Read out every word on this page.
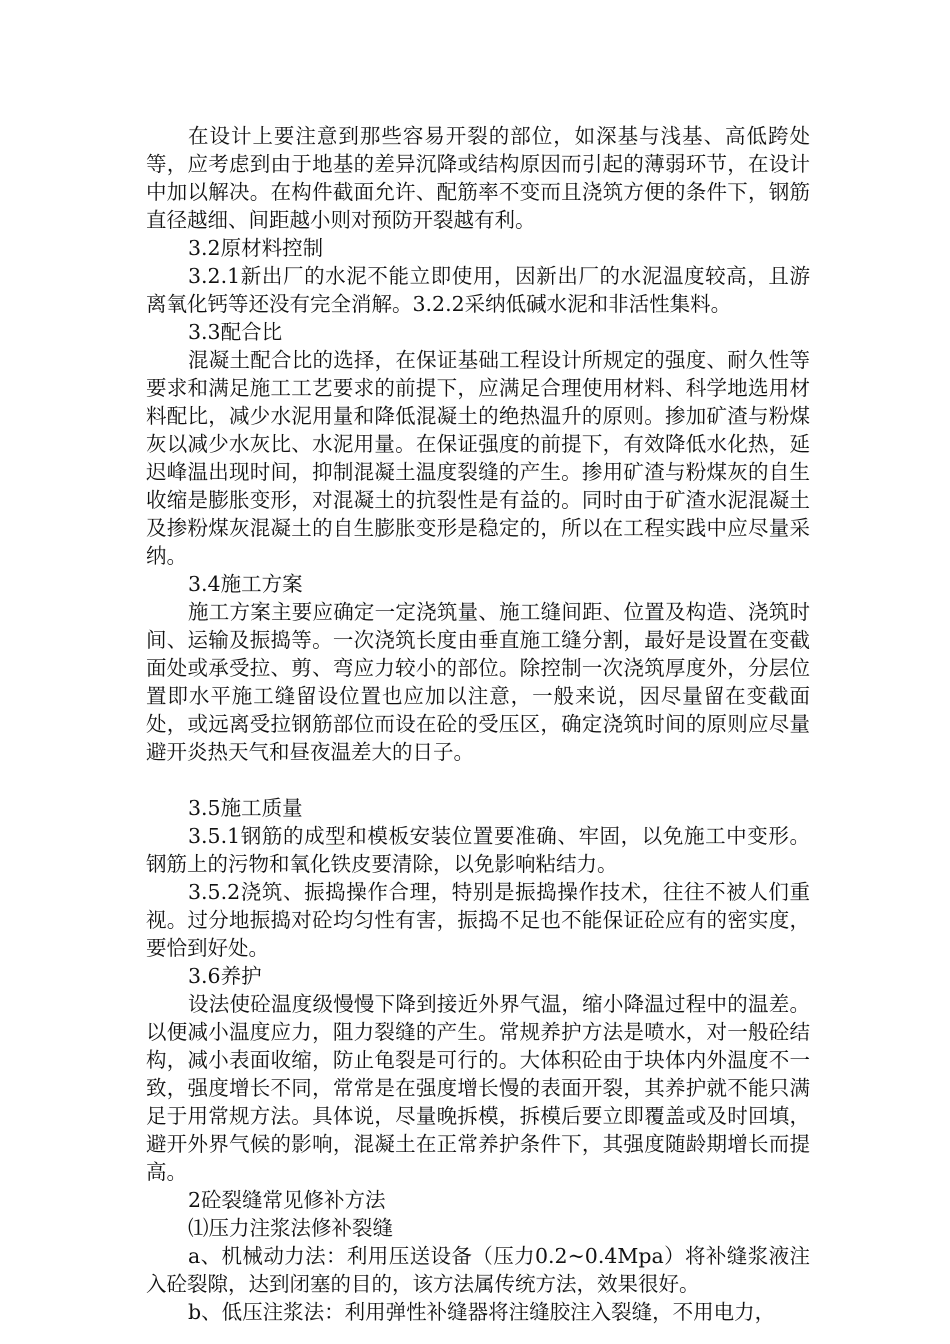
在设计上要注意到那些容易开裂的部位，如深基与浅基、高低跨处等，应考虑到由于地基的差异沉降或结构原因而引起的薄弱环节，在设计中加以解决。在构件截面允许、配筋率不变而且浇筑方便的条件下，钢筋直径越细、间距越小则对预防开裂越有利。

3.2原材料控制

3.2.1新出厂的水泥不能立即使用，因新出厂的水泥温度较高，且游离氧化钙等还没有完全消解。3.2.2采纳低碱水泥和非活性集料。

3.3配合比

混凝土配合比的选择，在保证基础工程设计所规定的强度、耐久性等要求和满足施工工艺要求的前提下，应满足合理使用材料、科学地选用材料配比，减少水泥用量和降低混凝土的绝热温升的原则。掺加矿渣与粉煤灰以减少水灰比、水泥用量。在保证强度的前提下，有效降低水化热，延迟峰温出现时间，抑制混凝土温度裂缝的产生。掺用矿渣与粉煤灰的自生收缩是膨胀变形，对混凝土的抗裂性是有益的。同时由于矿渣水泥混凝土及掺粉煤灰混凝土的自生膨胀变形是稳定的，所以在工程实践中应尽量采纳。

3.4施工方案

施工方案主要应确定一定浇筑量、施工缝间距、位置及构造、浇筑时间、运输及振捣等。一次浇筑长度由垂直施工缝分割，最好是设置在变截面处或承受拉、剪、弯应力较小的部位。除控制一次浇筑厚度外，分层位置即水平施工缝留设位置也应加以注意，一般来说，因尽量留在变截面处，或远离受拉钢筋部位而设在砼的受压区，确定浇筑时间的原则应尽量避开炎热天气和昼夜温差大的日子。

3.5施工质量

3.5.1钢筋的成型和模板安装位置要准确、牢固，以免施工中变形。钢筋上的污物和氧化铁皮要清除，以免影响粘结力。

3.5.2浇筑、振捣操作合理，特别是振捣操作技术，往往不被人们重视。过分地振捣对砼均匀性有害，振捣不足也不能保证砼应有的密实度，要恰到好处。

3.6养护

设法使砼温度级慢慢下降到接近外界气温，缩小降温过程中的温差。以便减小温度应力，阻力裂缝的产生。常规养护方法是喷水，对一般砼结构，减小表面收缩，防止龟裂是可行的。大体积砼由于块体内外温度不一致，强度增长不同，常常是在强度增长慢的表面开裂，其养护就不能只满足于用常规方法。具体说，尽量晚拆模，拆模后要立即覆盖或及时回填，避开外界气候的影响，混凝土在正常养护条件下，其强度随龄期增长而提高。

2砼裂缝常见修补方法

⑴压力注浆法修补裂缝

a、机械动力法：利用压送设备（压力0.2~0.4Mpa）将补缝浆液注入砼裂隙，达到闭塞的目的，该方法属传统方法，效果很好。

b、低压注浆法：利用弹性补缝器将注缝胶注入裂缝，不用电力，
